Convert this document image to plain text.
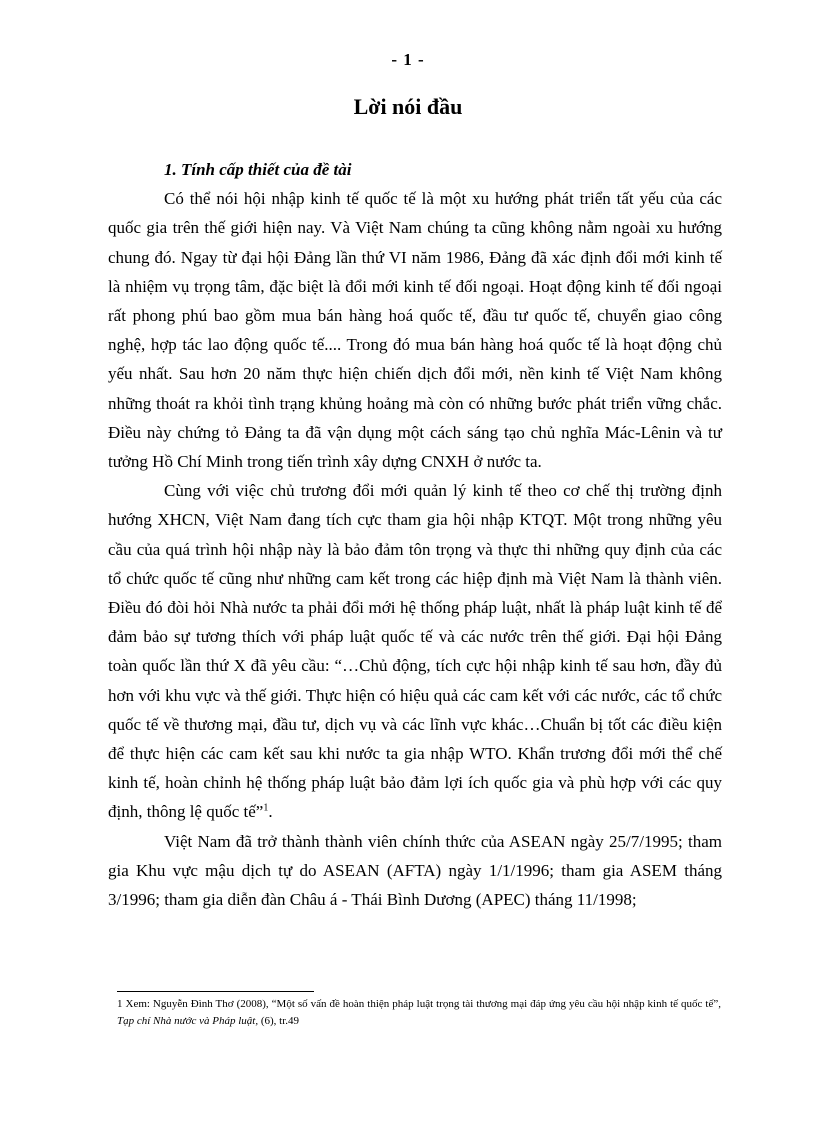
- 1 -
Lời nói đầu

1. Tính cấp thiết của đề tài

Có thể nói hội nhập kinh tế quốc tế là một xu hướng phát triển tất yếu của các quốc gia trên thế giới hiện nay. Và Việt Nam chúng ta cũng không nằm ngoài xu hướng chung đó. Ngay từ đại hội Đảng lần thứ VI năm 1986, Đảng đã xác định đổi mới kinh tế là nhiệm vụ trọng tâm, đặc biệt là đổi mới kinh tế đối ngoại. Hoạt động kinh tế đối ngoại rất phong phú bao gồm mua bán hàng hoá quốc tế, đầu tư quốc tế, chuyển giao công nghệ, hợp tác lao động quốc tế.... Trong đó mua bán hàng hoá quốc tế là hoạt động chủ yếu nhất. Sau hơn 20 năm thực hiện chiến dịch đổi mới, nền kinh tế Việt Nam không những thoát ra khỏi tình trạng khủng hoảng mà còn có những bước phát triển vững chắc. Điều này chứng tỏ Đảng ta đã vận dụng một cách sáng tạo chủ nghĩa Mác-Lênin và tư tưởng Hồ Chí Minh trong tiến trình xây dựng CNXH ở nước ta.

Cùng với việc chủ trương đổi mới quản lý kinh tế theo cơ chế thị trường định hướng XHCN, Việt Nam đang tích cực tham gia hội nhập KTQT. Một trong những yêu cầu của quá trình hội nhập này là bảo đảm tôn trọng và thực thi những quy định của các tổ chức quốc tế cũng như những cam kết trong các hiệp định mà Việt Nam là thành viên. Điều đó đòi hỏi Nhà nước ta phải đổi mới hệ thống pháp luật, nhất là pháp luật kinh tế để đảm bảo sự tương thích với pháp luật quốc tế và các nước trên thế giới. Đại hội Đảng toàn quốc lần thứ X đã yêu cầu: “…Chủ động, tích cực hội nhập kinh tế sau hơn, đầy đủ hơn với khu vực và thế giới. Thực hiện có hiệu quả các cam kết với các nước, các tổ chức quốc tế về thương mại, đầu tư, dịch vụ và các lĩnh vực khác…Chuẩn bị tốt các điều kiện để thực hiện các cam kết sau khi nước ta gia nhập WTO. Khẩn trương đổi mới thể chế kinh tế, hoàn chỉnh hệ thống pháp luật bảo đảm lợi ích quốc gia và phù hợp với các quy định, thông lệ quốc tế”$^1$.

Việt Nam đã trở thành thành viên chính thức của ASEAN ngày 25/7/1995; tham gia Khu vực mậu dịch tự do ASEAN (AFTA) ngày 1/1/1996; tham gia ASEM tháng 3/1996; tham gia diễn đàn Châu á - Thái Bình Dương (APEC) tháng 11/1998;

1 Xem: Nguyễn Đình Thơ (2008), “Một số vấn đề hoàn thiện pháp luật trọng tài thương mại đáp ứng yêu cầu hội nhập kinh tế quốc tế”, Tạp chí Nhà nước và Pháp luật, (6), tr.49
